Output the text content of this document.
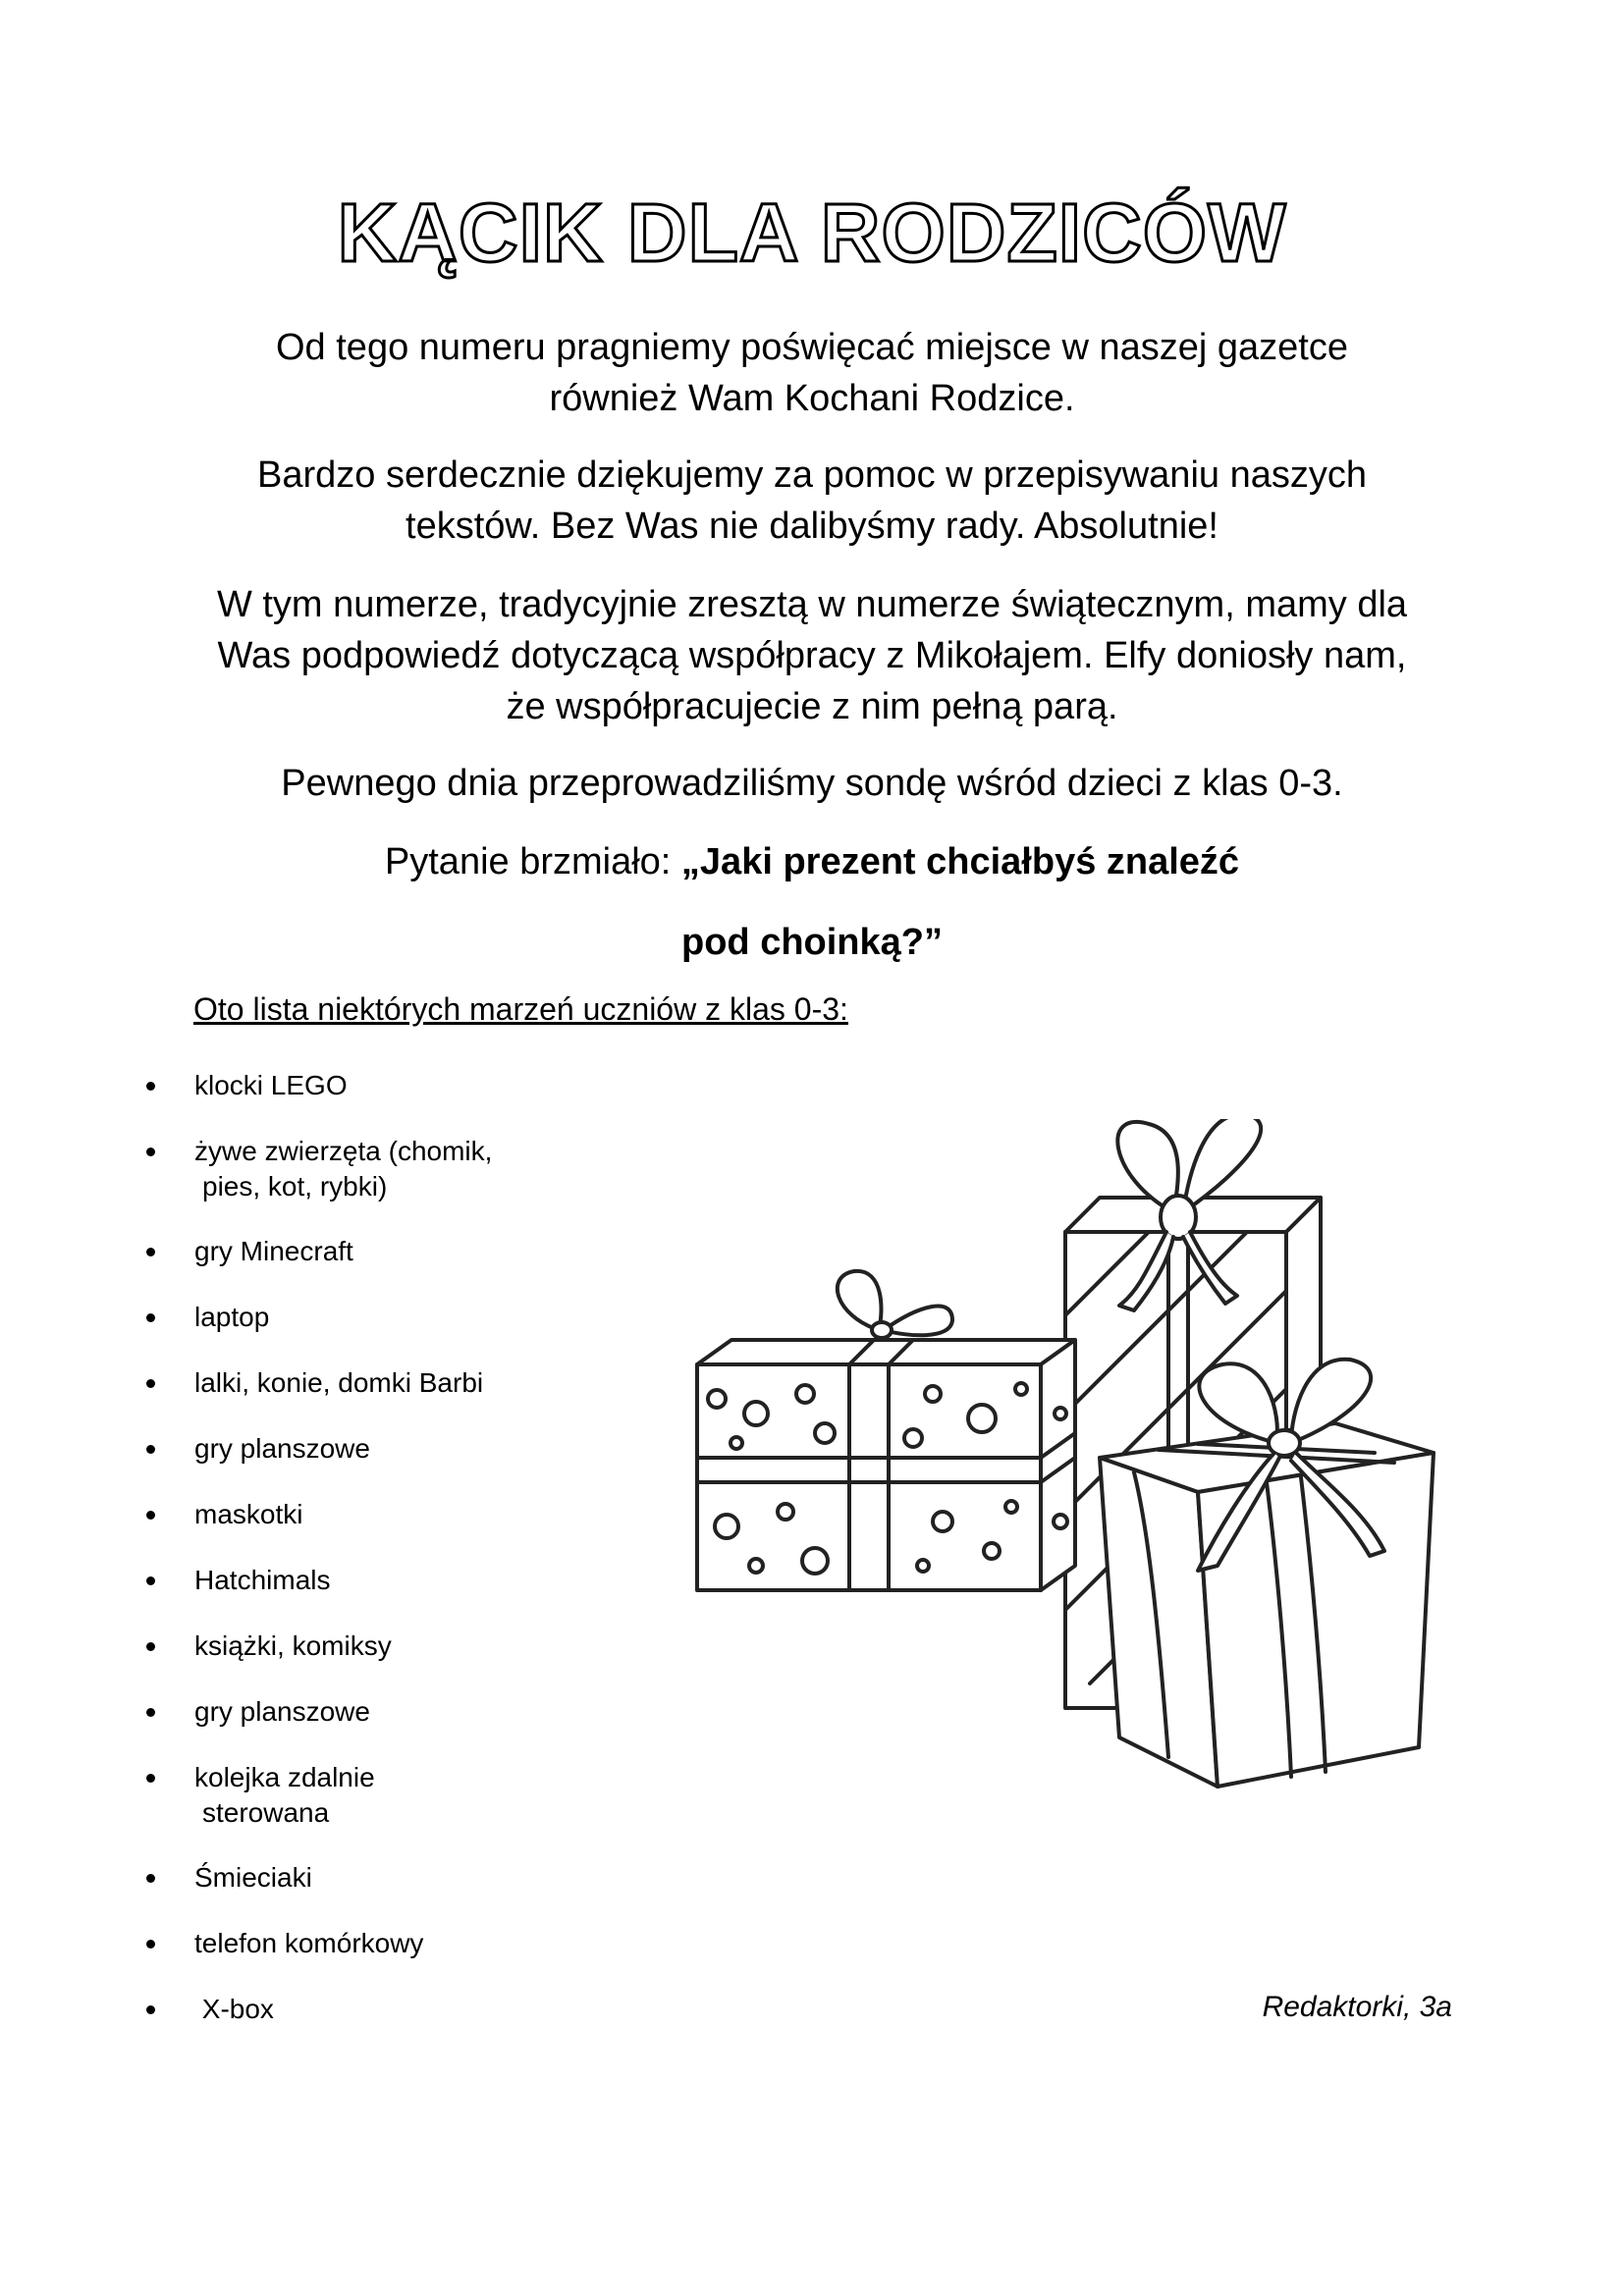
KĄCIK DLA RODZICÓW
Od tego numeru pragniemy poświęcać miejsce w naszej gazetce
również Wam Kochani Rodzice.
Bardzo serdecznie dziękujemy za pomoc w przepisywaniu naszych
tekstów. Bez Was nie dalibyśmy rady. Absolutnie!
W tym numerze, tradycyjnie zresztą w numerze świątecznym, mamy dla
Was podpowiedź dotyczącą współpracy z Mikołajem. Elfy doniosły nam,
że współpracujecie z nim pełną parą.
Pewnego dnia przeprowadziliśmy sondę wśród dzieci z klas 0-3.
Pytanie brzmiało: „Jaki prezent chciałbyś znaleźć
pod choinką?”
Oto lista niektórych marzeń uczniów z klas 0-3:
klocki LEGO
żywe zwierzęta (chomik,
pies, kot, rybki)
gry Minecraft
laptop
lalki, konie, domki Barbi
gry planszowe
maskotki
Hatchimals
książki, komiksy
gry planszowe
kolejka zdalnie
sterowana
Śmieciaki
telefon komórkowy
X-box	Redaktorki, 3a
